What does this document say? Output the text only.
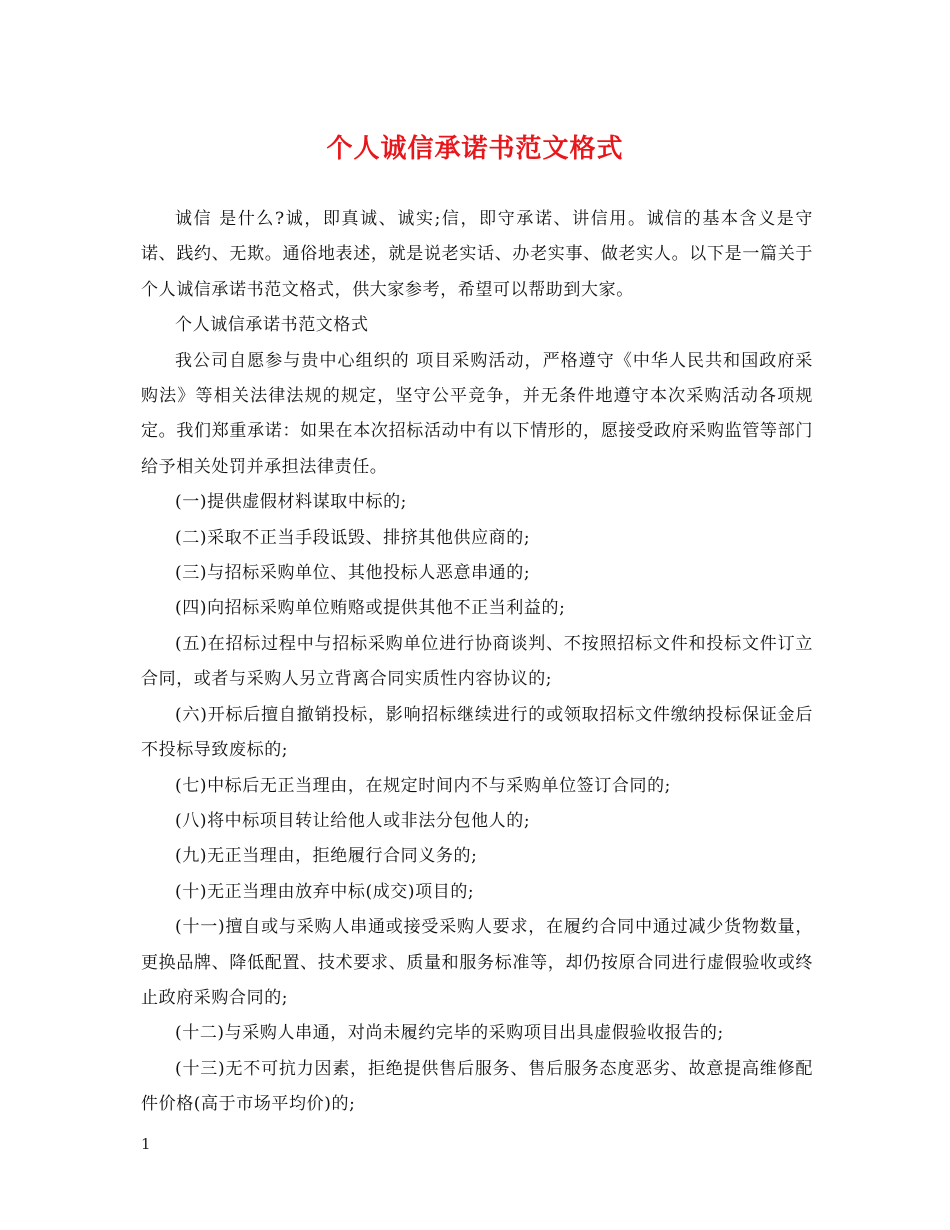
个人诚信承诺书范文格式

诚信 是什么?诚，即真诚、诚实;信，即守承诺、讲信用。诚信的基本含义是守诺、践约、无欺。通俗地表述，就是说老实话、办老实事、做老实人。以下是一篇关于个人诚信承诺书范文格式，供大家参考，希望可以帮助到大家。

个人诚信承诺书范文格式

我公司自愿参与贵中心组织的 项目采购活动，严格遵守《中华人民共和国政府采购法》等相关法律法规的规定，坚守公平竞争，并无条件地遵守本次采购活动各项规定。我们郑重承诺：如果在本次招标活动中有以下情形的，愿接受政府采购监管等部门给予相关处罚并承担法律责任。

(一)提供虚假材料谋取中标的;

(二)采取不正当手段诋毁、排挤其他供应商的;

(三)与招标采购单位、其他投标人恶意串通的;

(四)向招标采购单位贿赂或提供其他不正当利益的;

(五)在招标过程中与招标采购单位进行协商谈判、不按照招标文件和投标文件订立合同，或者与采购人另立背离合同实质性内容协议的;

(六)开标后擅自撤销投标，影响招标继续进行的或领取招标文件缴纳投标保证金后不投标导致废标的;

(七)中标后无正当理由，在规定时间内不与采购单位签订合同的;

(八)将中标项目转让给他人或非法分包他人的;

(九)无正当理由，拒绝履行合同义务的;

(十)无正当理由放弃中标(成交)项目的;

(十一)擅自或与采购人串通或接受采购人要求，在履约合同中通过减少货物数量，更换品牌、降低配置、技术要求、质量和服务标准等，却仍按原合同进行虚假验收或终止政府采购合同的;

(十二)与采购人串通，对尚未履约完毕的采购项目出具虚假验收报告的;

(十三)无不可抗力因素，拒绝提供售后服务、售后服务态度恶劣、故意提高维修配件价格(高于市场平均价)的;

1
